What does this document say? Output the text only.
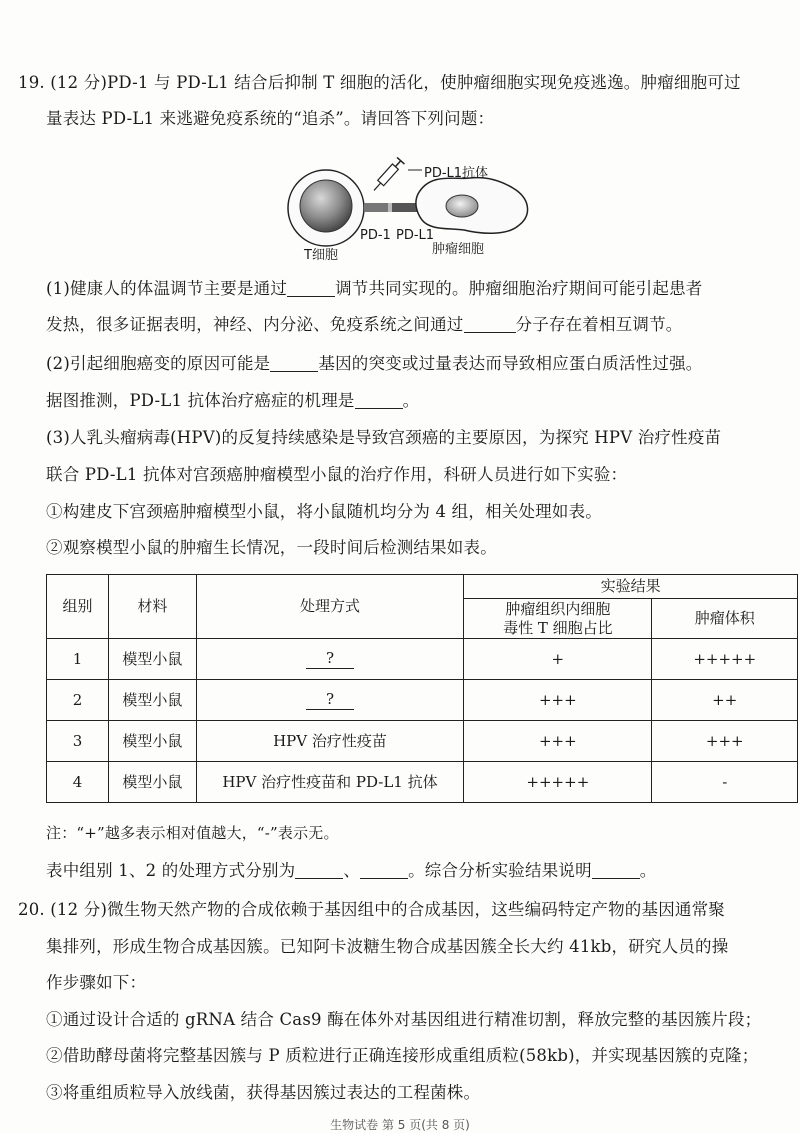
19. (12 分)PD-1 与 PD-L1 结合后抑制 T 细胞的活化，使肿瘤细胞实现免疫逃逸。肿瘤细胞可过
量表达 PD-L1 来逃避免疫系统的“追杀”。请回答下列问题：
PD-L1抗体
T细胞
PD-1 PD-L1
肿瘤细胞
(1)健康人的体温调节主要是通过	调节共同实现的。肿瘤细胞治疗期间可能引起患者
发热，很多证据表明，神经、内分泌、免疫系统之间通过	分子存在着相互调节。
(2)引起细胞癌变的原因可能是	基因的突变或过量表达而导致相应蛋白质活性过强。
据图推测，PD-L1 抗体治疗癌症的机理是	。
(3)人乳头瘤病毒(HPV)的反复持续感染是导致宫颈癌的主要原因，为探究 HPV 治疗性疫苗
联合 PD-L1 抗体对宫颈癌肿瘤模型小鼠的治疗作用，科研人员进行如下实验：
①构建皮下宫颈癌肿瘤模型小鼠，将小鼠随机均分为 4 组，相关处理如表。
②观察模型小鼠的肿瘤生长情况，一段时间后检测结果如表。
组别	材料	处理方式	实验结果	

			肿瘤组织内细胞
毒性 T 细胞占比	肿瘤体积
1	模型小鼠	?	+	+++++
2	模型小鼠	?	+++	++
3	模型小鼠	HPV 治疗性疫苗	+++	+++
4	模型小鼠	HPV 治疗性疫苗和 PD-L1 抗体	+++++	-
注：“+”越多表示相对值越大，“-”表示无。
表中组别 1、2 的处理方式分别为	、	。综合分析实验结果说明	。
20. (12 分)微生物天然产物的合成依赖于基因组中的合成基因，这些编码特定产物的基因通常聚
集排列，形成生物合成基因簇。已知阿卡波糖生物合成基因簇全长大约 41kb，研究人员的操
作步骤如下：
①通过设计合适的 gRNA 结合 Cas9 酶在体外对基因组进行精准切割，释放完整的基因簇片段；
②借助酵母菌将完整基因簇与 P 质粒进行正确连接形成重组质粒(58kb)，并实现基因簇的克隆；
③将重组质粒导入放线菌，获得基因簇过表达的工程菌株。
生物试卷 第 5 页(共 8 页)
